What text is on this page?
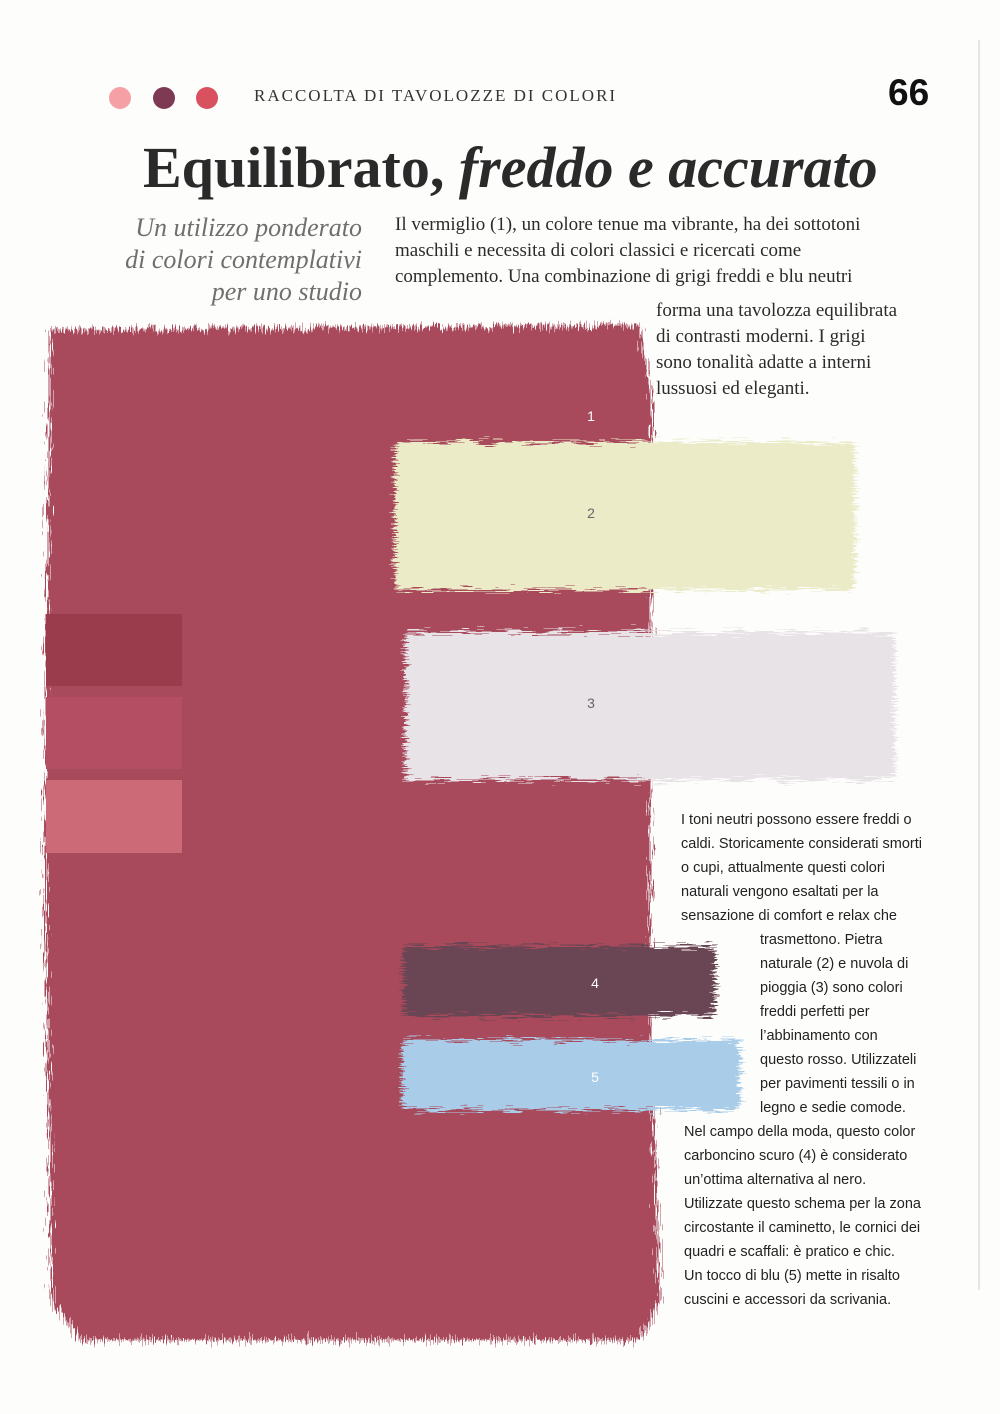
RACCOLTA DI TAVOLOZZE DI COLORI	66
Equilibrato, freddo e accurato
Un utilizzo ponderato
di colori contemplativi
per uno studio
Il vermiglio (1), un colore tenue ma vibrante, ha dei sottotoni
maschili e necessita di colori classici e ricercati come
complemento. Una combinazione di grigi freddi e blu neutri
1
2
3
4
5
forma una tavolozza equilibrata
di contrasti moderni. I grigi
sono tonalità adatte a interni
lussuosi ed eleganti.
I toni neutri possono essere freddi o
caldi. Storicamente considerati smorti
o cupi, attualmente questi colori
naturali vengono esaltati per la
sensazione di comfort e relax che
trasmettono. Pietra
naturale (2) e nuvola di
pioggia (3) sono colori
freddi perfetti per
l’abbinamento con
questo rosso. Utilizzateli
per pavimenti tessili o in
legno e sedie comode.
Nel campo della moda, questo color
carboncino scuro (4) è considerato
un’ottima alternativa al nero.
Utilizzate questo schema per la zona
circostante il caminetto, le cornici dei
quadri e scaffali: è pratico e chic.
Un tocco di blu (5) mette in risalto
cuscini e accessori da scrivania.
